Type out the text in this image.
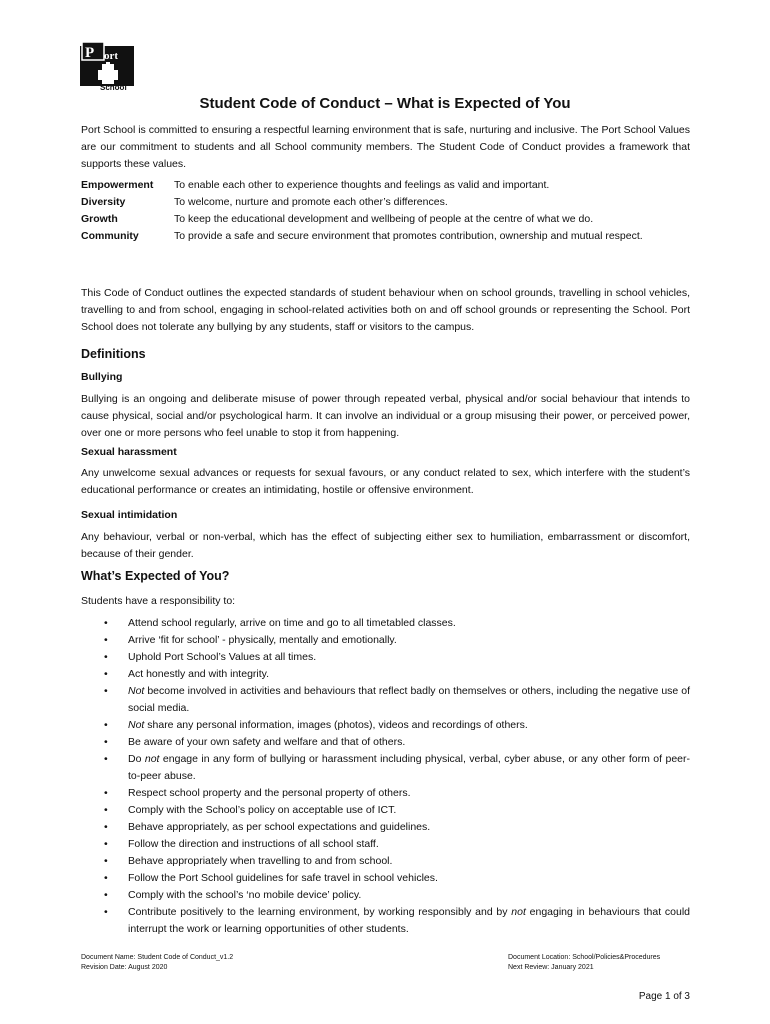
P ort
School
Student Code of Conduct – What is Expected of You
Port School is committed to ensuring a respectful learning environment that is safe, nurturing and inclusive. The Port School Values are our commitment to students and all School community members. The Student Code of Conduct provides a framework that supports these values.
Empowerment	To enable each other to experience thoughts and feelings as valid and important.
Diversity	To welcome, nurture and promote each other’s differences.
Growth	To keep the educational development and wellbeing of people at the centre of what we do.
Community	To provide a safe and secure environment that promotes contribution, ownership and mutual respect.
This Code of Conduct outlines the expected standards of student behaviour when on school grounds, travelling in school vehicles, travelling to and from school, engaging in school-related activities both on and off school grounds or representing the School. Port School does not tolerate any bullying by any students, staff or visitors to the campus.
Definitions
Bullying
Bullying is an ongoing and deliberate misuse of power through repeated verbal, physical and/or social behaviour that intends to cause physical, social and/or psychological harm. It can involve an individual or a group misusing their power, or perceived power, over one or more persons who feel unable to stop it from happening.
Sexual harassment
Any unwelcome sexual advances or requests for sexual favours, or any conduct related to sex, which interfere with the student’s educational performance or creates an intimidating, hostile or offensive environment.
Sexual intimidation
Any behaviour, verbal or non-verbal, which has the effect of subjecting either sex to humiliation, embarrassment or discomfort, because of their gender.
What’s Expected of You?
Students have a responsibility to:
• Attend school regularly, arrive on time and go to all timetabled classes.
• Arrive ‘fit for school’ - physically, mentally and emotionally.
• Uphold Port School’s Values at all times.
• Act honestly and with integrity.
• Not become involved in activities and behaviours that reflect badly on themselves or others, including the negative use of social media.
• Not share any personal information, images (photos), videos and recordings of others.
• Be aware of your own safety and welfare and that of others.
• Do not engage in any form of bullying or harassment including physical, verbal, cyber abuse, or any other form of peer-to-peer abuse.
• Respect school property and the personal property of others.
• Comply with the School’s policy on acceptable use of ICT.
• Behave appropriately, as per school expectations and guidelines.
• Follow the direction and instructions of all school staff.
• Behave appropriately when travelling to and from school.
• Follow the Port School guidelines for safe travel in school vehicles.
• Comply with the school’s ‘no mobile device’ policy.
• Contribute positively to the learning environment, by working responsibly and by not engaging in behaviours that could interrupt the work or learning opportunities of other students.
Document Name: Student Code of Conduct_v1.2
Revision Date: August 2020
Document Location: School/Policies&Procedures
Next Review: January 2021
Page 1 of 3
